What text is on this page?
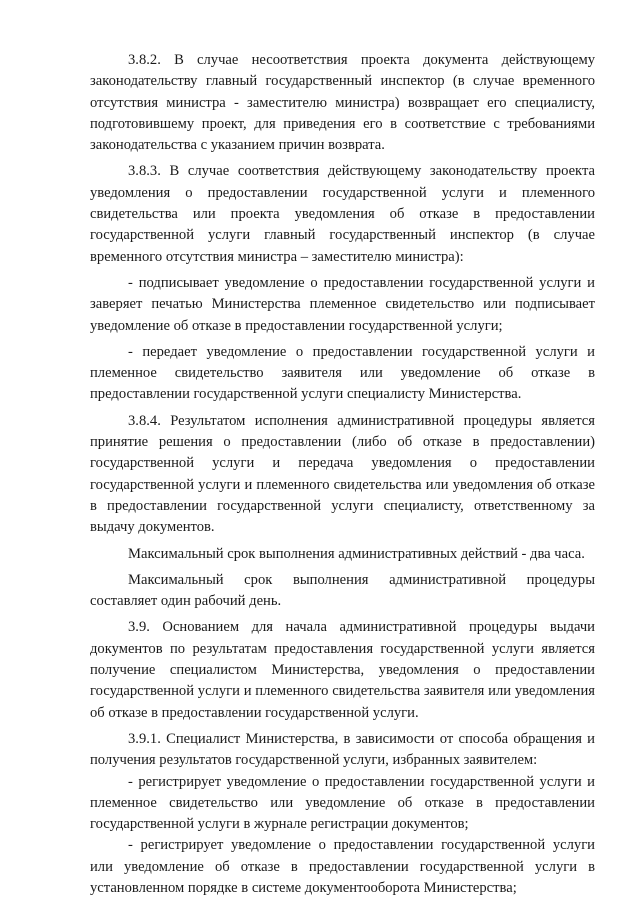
3.8.2. В случае несоответствия проекта документа действующему законодательству главный государственный инспектор (в случае временного отсутствия министра - заместителю министра) возвращает его специалисту, подготовившему проект, для приведения его в соответствие с требованиями законодательства с указанием причин возврата.

3.8.3. В случае соответствия действующему законодательству проекта уведомления о предоставлении государственной услуги и племенного свидетельства или проекта уведомления об отказе в предоставлении государственной услуги главный государственный инспектор (в случае временного отсутствия министра – заместителю министра):

- подписывает уведомление о предоставлении государственной услуги и заверяет печатью Министерства племенное свидетельство или подписывает уведомление об отказе в предоставлении государственной услуги;

- передает уведомление о предоставлении государственной услуги и племенное свидетельство заявителя или уведомление об отказе в предоставлении государственной услуги специалисту Министерства.

3.8.4. Результатом исполнения административной процедуры является принятие решения о предоставлении (либо об отказе в предоставлении) государственной услуги и передача уведомления о предоставлении государственной услуги и племенного свидетельства или уведомления об отказе в предоставлении государственной услуги специалисту, ответственному за выдачу документов.

Максимальный срок выполнения административных действий - два часа.

Максимальный срок выполнения административной процедуры составляет один рабочий день.

3.9. Основанием для начала административной процедуры выдачи документов по результатам предоставления государственной услуги является получение специалистом Министерства, уведомления о предоставлении государственной услуги и племенного свидетельства заявителя или уведомления об отказе в предоставлении государственной услуги.

3.9.1. Специалист Министерства, в зависимости от способа обращения и получения результатов государственной услуги, избранных заявителем:

- регистрирует уведомление о предоставлении государственной услуги и племенное свидетельство или уведомление об отказе в предоставлении государственной услуги в журнале регистрации документов;

- регистрирует уведомление о предоставлении государственной услуги или уведомление об отказе в предоставлении государственной услуги в установленном порядке в системе документооборота Министерства;
